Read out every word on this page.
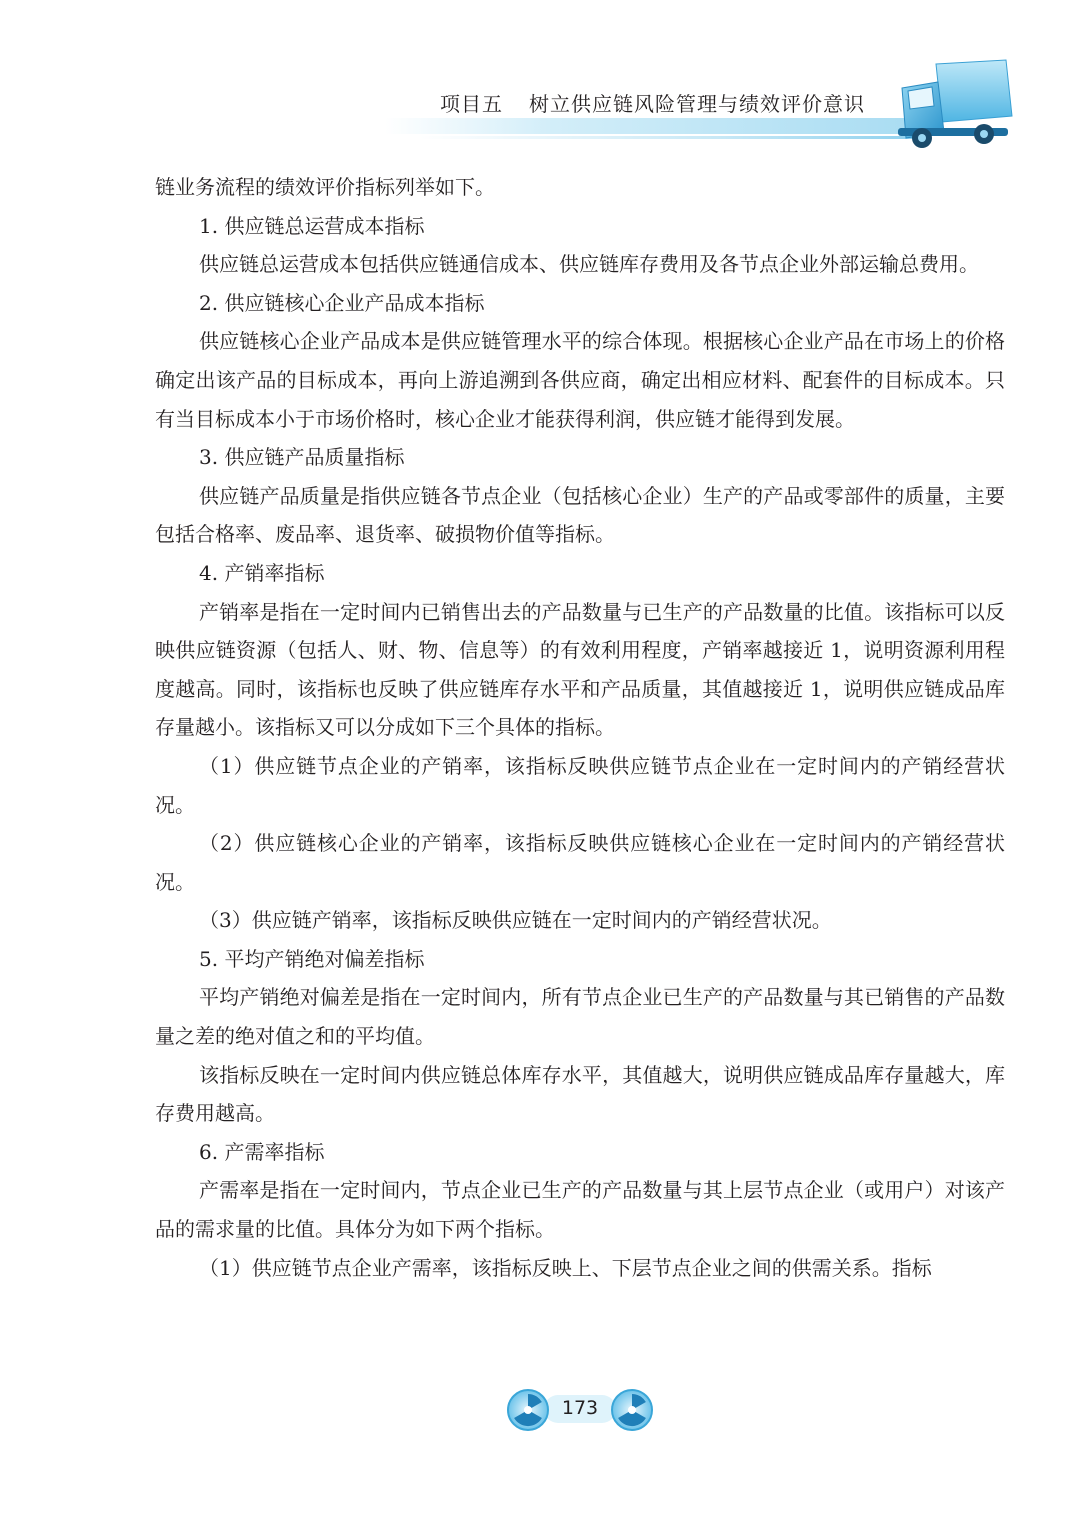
项目五 树立供应链风险管理与绩效评价意识

链业务流程的绩效评价指标列举如下。

1. 供应链总运营成本指标

供应链总运营成本包括供应链通信成本、供应链库存费用及各节点企业外部运输总费用。

2. 供应链核心企业产品成本指标

供应链核心企业产品成本是供应链管理水平的综合体现。根据核心企业产品在市场上的价格确定出该产品的目标成本，再向上游追溯到各供应商，确定出相应材料、配套件的目标成本。只有当目标成本小于市场价格时，核心企业才能获得利润，供应链才能得到发展。

3. 供应链产品质量指标

供应链产品质量是指供应链各节点企业（包括核心企业）生产的产品或零部件的质量，主要包括合格率、废品率、退货率、破损物价值等指标。

4. 产销率指标

产销率是指在一定时间内已销售出去的产品数量与已生产的产品数量的比值。该指标可以反映供应链资源（包括人、财、物、信息等）的有效利用程度，产销率越接近 1，说明资源利用程度越高。同时，该指标也反映了供应链库存水平和产品质量，其值越接近 1，说明供应链成品库存量越小。该指标又可以分成如下三个具体的指标。

（1）供应链节点企业的产销率，该指标反映供应链节点企业在一定时间内的产销经营状况。

（2）供应链核心企业的产销率，该指标反映供应链核心企业在一定时间内的产销经营状况。

（3）供应链产销率，该指标反映供应链在一定时间内的产销经营状况。

5. 平均产销绝对偏差指标

平均产销绝对偏差是指在一定时间内，所有节点企业已生产的产品数量与其已销售的产品数量之差的绝对值之和的平均值。

该指标反映在一定时间内供应链总体库存水平，其值越大，说明供应链成品库存量越大，库存费用越高。

6. 产需率指标

产需率是指在一定时间内，节点企业已生产的产品数量与其上层节点企业（或用户）对该产品的需求量的比值。具体分为如下两个指标。

（1）供应链节点企业产需率，该指标反映上、下层节点企业之间的供需关系。指标

173
